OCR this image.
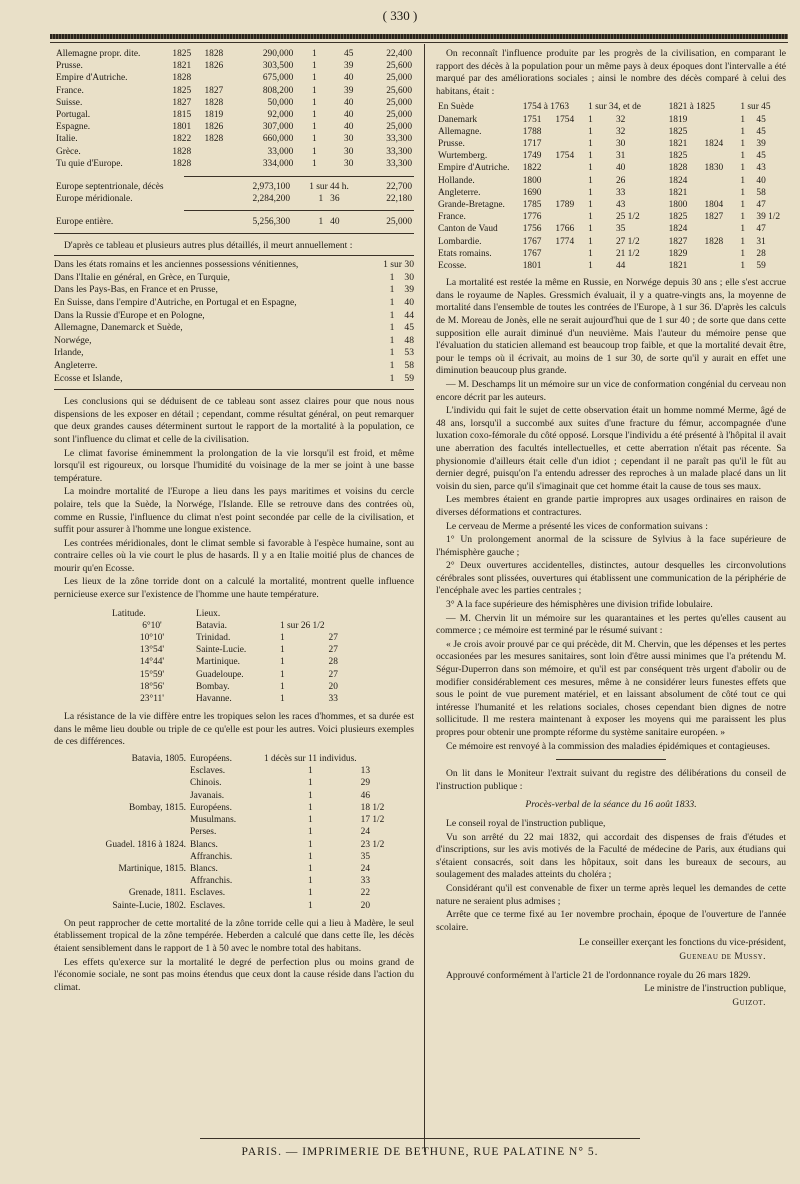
( 330 )
Allemagne propr. dite.	1825	1828	290,000	1	45	22,400
Prusse.	1821	1826	303,500	1	39	25,600
Empire d'Autriche.	1828		675,000	1	40	25,000
France.	1825	1827	808,200	1	39	25,600
Suisse.	1827	1828	50,000	1	40	25,000
Portugal.	1815	1819	92,000	1	40	25,000
Espagne.	1801	1826	307,000	1	40	25,000
Italie.	1822	1828	660,000	1	30	33,300
Grèce.	1828		33,000	1	30	33,300
Tu quie d'Europe.	1828		334,000	1	30	33,300
Europe septentrionale, décès	2,973,100	1 sur 44 h.	22,700
Europe méridionale.	2,284,200	1 36	22,180
Europe entière.	5,256,300	1 40	25,000

D'après ce tableau et plusieurs autres plus détaillés, il meurt annuellement :

Dans les états romains et les anciennes possessions vénitiennes,	1 sur 30
Dans l'Italie en général, en Grèce, en Turquie,	1 30
Dans les Pays-Bas, en France et en Prusse,	1 39
En Suisse, dans l'empire d'Autriche, en Portugal et en Espagne,	1 40
Dans la Russie d'Europe et en Pologne,	1 44
Allemagne, Danemarck et Suède,	1 45
Norwége,	1 48
Irlande,	1 53
Angleterre.	1 58
Ecosse et Islande,	1 59

Les conclusions qui se déduisent de ce tableau sont assez claires pour que nous nous dispensions de les exposer en détail ; cependant, comme résultat général, on peut remarquer que deux grandes causes déterminent surtout le rapport de la mortalité à la population, ce sont l'influence du climat et celle de la civilisation.

Le climat favorise éminemment la prolongation de la vie lorsqu'il est froid, et même lorsqu'il est rigoureux, ou lorsque l'humidité du voisinage de la mer se joint à une basse température.

La moindre mortalité de l'Europe a lieu dans les pays maritimes et voisins du cercle polaire, tels que la Suède, la Norwége, l'Islande. Elle se retrouve dans des contrées où, comme en Russie, l'influence du climat n'est point secondée par celle de la civilisation, et suffit pour assurer à l'homme une longue existence.

Les contrées méridionales, dont le climat semble si favorable à l'espèce humaine, sont au contraire celles où la vie court le plus de hasards. Il y a en Italie moitié plus de chances de mourir qu'en Ecosse.

Les lieux de la zône torride dont on a calculé la mortalité, montrent quelle influence pernicieuse exerce sur l'existence de l'homme une haute température.

Latitude.	Lieux.		
6°10'	Batavia.	1 sur 26 1/2	
10°10'	Trinidad.	1	27
13°54'	Sainte-Lucie.	1	27
14°44'	Martinique.	1	28
15°59'	Guadeloupe.	1	27
18°56'	Bombay.	1	20
23°11'	Havanne.	1	33

La résistance de la vie diffère entre les tropiques selon les races d'hommes, et sa durée est dans le même lieu double ou triple de ce qu'elle est pour les autres. Voici plusieurs exemples de ces différences.

Batavia, 1805.	Européens.	1 décès sur 11 individus.	
	Esclaves.	1	13
	Chinois.	1	29
	Javanais.	1	46
Bombay, 1815.	Européens.	1	18 1/2
	Musulmans.	1	17 1/2
	Perses.	1	24
Guadel. 1816 à 1824.	Blancs.	1	23 1/2
	Affranchis.	1	35
Martinique, 1815.	Blancs.	1	24
	Affranchis.	1	33
Grenade, 1811.	Esclaves.	1	22
Sainte-Lucie, 1802.	Esclaves.	1	20

On peut rapprocher de cette mortalité de la zône torride celle qui a lieu à Madère, le seul établissement tropical de la zône tempérée. Heberden a calculé que dans cette île, les décès étaient sensiblement dans le rapport de 1 à 50 avec le nombre total des habitans.

Les effets qu'exerce sur la mortalité le degré de perfection plus ou moins grand de l'économie sociale, ne sont pas moins étendus que ceux dont la cause réside dans l'action du climat.

On reconnaît l'influence produite par les progrès de la civilisation, en comparant le rapport des décès à la population pour un même pays à deux époques dont l'intervalle a été marqué par des améliorations sociales ; ainsi le nombre des décès comparé à celui des habitans, était :

En Suède	1754 à 1763		1 sur 34, et de		1821 à 1825		1 sur 45	
Danemark	1751	1754	1	32	1819		1	45
Allemagne.	1788		1	32	1825		1	45
Prusse.	1717		1	30	1821	1824	1	39
Wurtemberg.	1749	1754	1	31	1825		1	45
Empire d'Autriche.	1822		1	40	1828	1830	1	43
Hollande.	1800		1	26	1824		1	40
Angleterre.	1690		1	33	1821		1	58
Grande-Bretagne.	1785	1789	1	43	1800	1804	1	47
France.	1776		1	25 1/2	1825	1827	1	39 1/2
Canton de Vaud	1756	1766	1	35	1824		1	47
Lombardie.	1767	1774	1	27 1/2	1827	1828	1	31
Etats romains.	1767		1	21 1/2	1829		1	28
Ecosse.	1801		1	44	1821		1	59

La mortalité est restée la même en Russie, en Norwége depuis 30 ans ; elle s'est accrue dans le royaume de Naples. Gressmich évaluait, il y a quatre-vingts ans, la moyenne de mortalité dans l'ensemble de toutes les contrées de l'Europe, à 1 sur 36. D'après les calculs de M. Moreau de Jonès, elle ne serait aujourd'hui que de 1 sur 40 ; de sorte que dans cette supposition elle aurait diminué d'un neuvième. Mais l'auteur du mémoire pense que l'évaluation du staticien allemand est beaucoup trop faible, et que la mortalité devait être, pour le temps où il écrivait, au moins de 1 sur 30, de sorte qu'il y aurait en effet une diminution beaucoup plus grande.

— M. Deschamps lit un mémoire sur un vice de conformation congénial du cerveau non encore décrit par les auteurs.

L'individu qui fait le sujet de cette observation était un homme nommé Merme, âgé de 48 ans, lorsqu'il a succombé aux suites d'une fracture du fémur, accompagnée d'une luxation coxo-fémorale du côté opposé. Lorsque l'individu a été présenté à l'hôpital il avait une aberration des facultés intellectuelles, et cette aberration n'était pas récente. Sa physionomie d'ailleurs était celle d'un idiot ; cependant il ne paraît pas qu'il le fût au dernier degré, puisqu'on l'a entendu adresser des reproches à un malade placé dans un lit voisin du sien, parce qu'il s'imaginait que cet homme était la cause de tous ses maux.

Les membres étaient en grande partie impropres aux usages ordinaires en raison de diverses déformations et contractures.

Le cerveau de Merme a présenté les vices de conformation suivans :

1° Un prolongement anormal de la scissure de Sylvius à la face supérieure de l'hémisphère gauche ;

2° Deux ouvertures accidentelles, distinctes, autour desquelles les circonvolutions cérébrales sont plissées, ouvertures qui établissent une communication de la périphérie de l'encéphale avec les parties centrales ;

3° A la face supérieure des hémisphères une division trifide lobulaire.

— M. Chervin lit un mémoire sur les quarantaines et les pertes qu'elles causent au commerce ; ce mémoire est terminé par le résumé suivant :

« Je crois avoir prouvé par ce qui précède, dit M. Chervin, que les dépenses et les pertes occasionées par les mesures sanitaires, sont loin d'être aussi minimes que l'a prétendu M. Ségur-Duperron dans son mémoire, et qu'il est par conséquent très urgent d'abolir ou de modifier considérablement ces mesures, même à ne considérer leurs funestes effets que sous le point de vue purement matériel, et en laissant absolument de côté tout ce qui intéresse l'humanité et les relations sociales, choses cependant bien dignes de notre sollicitude. Il me restera maintenant à exposer les moyens qui me paraissent les plus propres pour obtenir une prompte réforme du système sanitaire européen. »

Ce mémoire est renvoyé à la commission des maladies épidémiques et contagieuses.

On lit dans le Moniteur l'extrait suivant du registre des délibérations du conseil de l'instruction publique :

Procès-verbal de la séance du 16 août 1833.

Le conseil royal de l'instruction publique,

Vu son arrêté du 22 mai 1832, qui accordait des dispenses de frais d'études et d'inscriptions, sur les avis motivés de la Faculté de médecine de Paris, aux étudians qui s'étaient consacrés, soit dans les hôpitaux, soit dans les bureaux de secours, au soulagement des malades atteints du choléra ;

Considérant qu'il est convenable de fixer un terme après lequel les demandes de cette nature ne seraient plus admises ;

Arrête que ce terme fixé au 1er novembre prochain, époque de l'ouverture de l'année scolaire.

Le conseiller exerçant les fonctions du vice-président,

Gueneau de Mussy.

Approuvé conformément à l'article 21 de l'ordonnance royale du 26 mars 1829.

Le ministre de l'instruction publique,

Guizot.

PARIS. — IMPRIMERIE DE BETHUNE, RUE PALATINE N° 5.
